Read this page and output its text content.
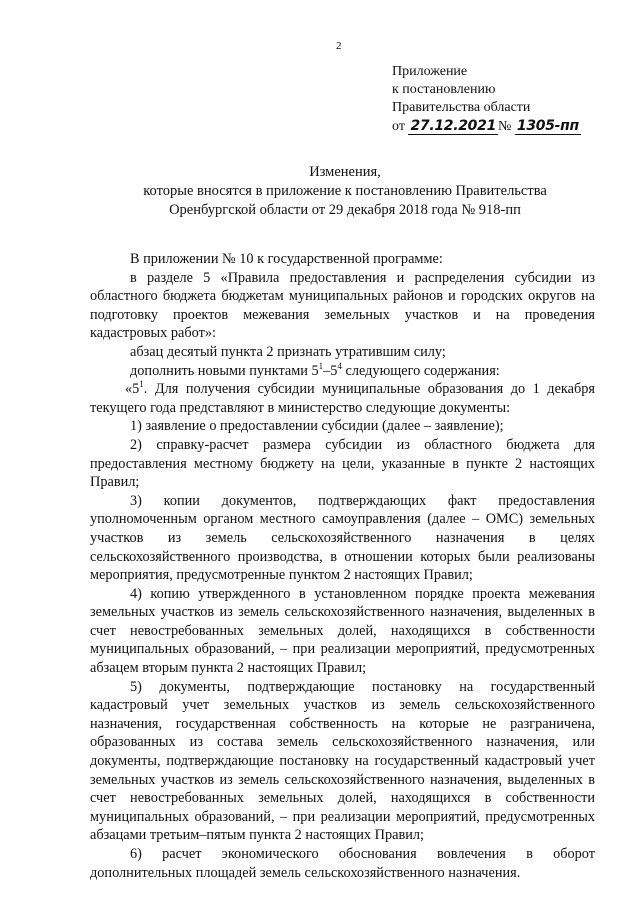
2
Приложение
к постановлению
Правительства области
от 27.12.2021 № 1305-пп
Изменения,
которые вносятся в приложение к постановлению Правительства
Оренбургской области от 29 декабря 2018 года № 918-пп

В приложении № 10 к государственной программе:

в разделе 5 «Правила предоставления и распределения субсидии из областного бюджета бюджетам муниципальных районов и городских округов на подготовку проектов межевания земельных участков и на проведения кадастровых работ»:

абзац десятый пункта 2 признать утратившим силу;

дополнить новыми пунктами $5^1-5^4$ следующего содержания:

«$5^1$. Для получения субсидии муниципальные образования до 1 декабря текущего года представляют в министерство следующие документы:

1) заявление о предоставлении субсидии (далее – заявление);

2) справку-расчет размера субсидии из областного бюджета для предоставления местному бюджету на цели, указанные в пункте 2 настоящих Правил;

3) копии документов, подтверждающих факт предоставления уполномоченным органом местного самоуправления (далее – ОМС) земельных участков из земель сельскохозяйственного назначения в целях сельскохозяйственного производства, в отношении которых были реализованы мероприятия, предусмотренные пунктом 2 настоящих Правил;

4) копию утвержденного в установленном порядке проекта межевания земельных участков из земель сельскохозяйственного назначения, выделенных в счет невостребованных земельных долей, находящихся в собственности муниципальных образований, – при реализации мероприятий, предусмотренных абзацем вторым пункта 2 настоящих Правил;

5) документы, подтверждающие постановку на государственный кадастровый учет земельных участков из земель сельскохозяйственного назначения, государственная собственность на которые не разграничена, образованных из состава земель сельскохозяйственного назначения, или документы, подтверждающие постановку на государственный кадастровый учет земельных участков из земель сельскохозяйственного назначения, выделенных в счет невостребованных земельных долей, находящихся в собственности муниципальных образований, – при реализации мероприятий, предусмотренных абзацами третьим–пятым пункта 2 настоящих Правил;

6) расчет экономического обоснования вовлечения в оборот дополнительных площадей земель сельскохозяйственного назначения.
